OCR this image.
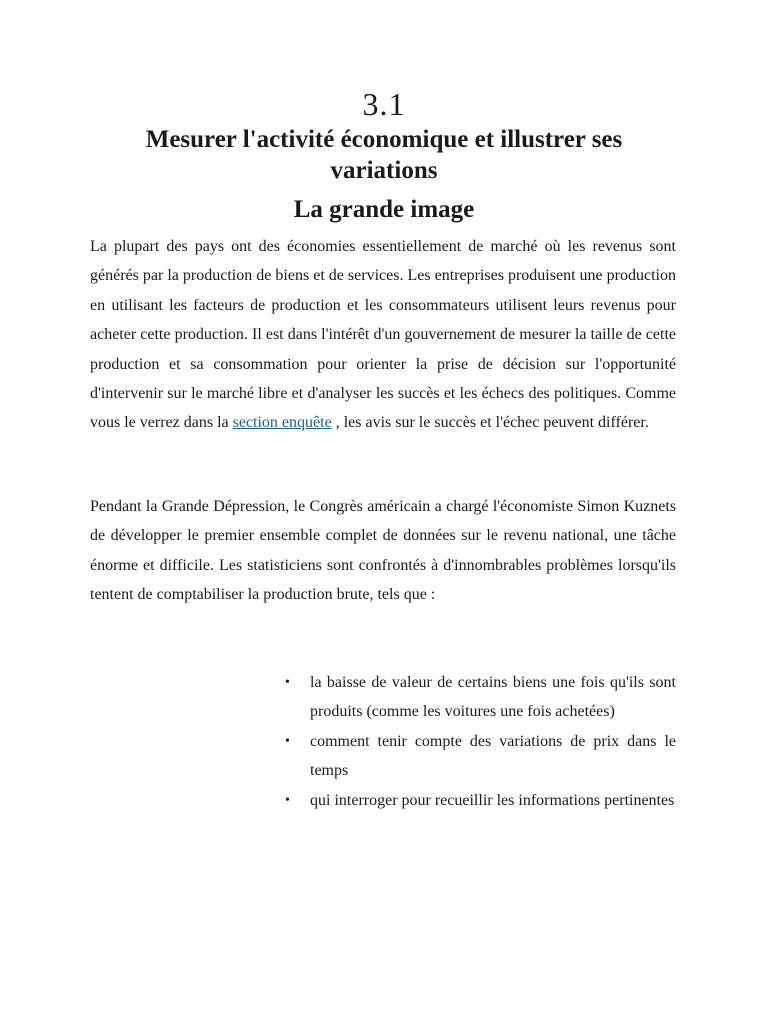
3.1
Mesurer l'activité économique et illustrer ses variations
La grande image

La plupart des pays ont des économies essentiellement de marché où les revenus sont générés par la production de biens et de services. Les entreprises produisent une production en utilisant les facteurs de production et les consommateurs utilisent leurs revenus pour acheter cette production. Il est dans l'intérêt d'un gouvernement de mesurer la taille de cette production et sa consommation pour orienter la prise de décision sur l'opportunité d'intervenir sur le marché libre et d'analyser les succès et les échecs des politiques. Comme vous le verrez dans la section enquête , les avis sur le succès et l'échec peuvent différer.

Pendant la Grande Dépression, le Congrès américain a chargé l'économiste Simon Kuznets de développer le premier ensemble complet de données sur le revenu national, une tâche énorme et difficile. Les statisticiens sont confrontés à d'innombrables problèmes lorsqu'ils tentent de comptabiliser la production brute, tels que :

• la baisse de valeur de certains biens une fois qu'ils sont produits (comme les voitures une fois achetées)
• comment tenir compte des variations de prix dans le temps
• qui interroger pour recueillir les informations pertinentes
